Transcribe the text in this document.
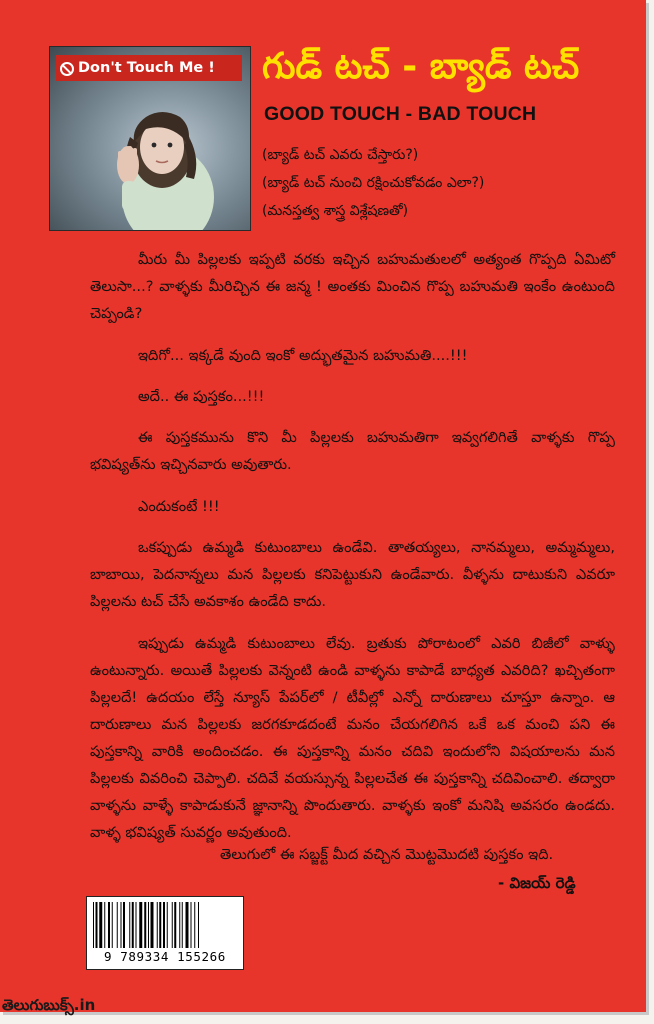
Don't Touch Me !	గుడ్ టచ్ - బ్యాడ్ టచ్
GOOD TOUCH - BAD TOUCH
(బ్యాడ్ టచ్ ఎవరు చేస్తారు?)
(బ్యాడ్ టచ్ నుంచి రక్షించుకోవడం ఎలా?)
(మనస్తత్వ శాస్త్ర విశ్లేషణతో)

మీరు మీ పిల్లలకు ఇప్పటి వరకు ఇచ్చిన బహుమతులలో అత్యంత గొప్పది ఏమిటో తెలుసా...? వాళ్ళకు మీరిచ్చిన ఈ జన్మ ! అంతకు మించిన గొప్ప బహుమతి ఇంకేం ఉంటుంది చెప్పండి?

ఇదిగో... ఇక్కడే వుంది ఇంకో అద్భుతమైన బహుమతి....!!!

అదే.. ఈ పుస్తకం...!!!

ఈ పుస్తకమును కొని మీ పిల్లలకు బహుమతిగా ఇవ్వగలిగితే వాళ్ళకు గొప్ప భవిష్యత్‌ను ఇచ్చినవారు అవుతారు.

ఎందుకంటే !!!

ఒకప్పుడు ఉమ్మడి కుటుంబాలు ఉండేవి. తాతయ్యలు, నానమ్మలు, అమ్మమ్మలు, బాబాయి, పెదనాన్నలు మన పిల్లలకు కనిపెట్టుకుని ఉండేవారు. వీళ్ళను దాటుకుని ఎవరూ పిల్లలను టచ్ చేసే అవకాశం ఉండేది కాదు.

ఇప్పుడు ఉమ్మడి కుటుంబాలు లేవు. బ్రతుకు పోరాటంలో ఎవరి బిజీలో వాళ్ళు ఉంటున్నారు. అయితే పిల్లలకు వెన్నంటి ఉండి వాళ్ళను కాపాడే బాధ్యత ఎవరిది? ఖచ్చితంగా పిల్లలదే! ఉదయం లేస్తే న్యూస్ పేపర్‌లో / టీవీల్లో ఎన్నో దారుణాలు చూస్తూ ఉన్నాం. ఆ దారుణాలు మన పిల్లలకు జరగకూడదంటే మనం చేయగలిగిన ఒకే ఒక మంచి పని ఈ పుస్తకాన్ని వారికి అందించడం. ఈ పుస్తకాన్ని మనం చదివి ఇందులోని విషయాలను మన పిల్లలకు వివరించి చెప్పాలి. చదివే వయస్సున్న పిల్లలచేత ఈ పుస్తకాన్ని చదివించాలి. తద్వారా వాళ్ళను వాళ్ళే కాపాడుకునే జ్ఞానాన్ని పొందుతారు. వాళ్ళకు ఇంకో మనిషి అవసరం ఉండదు. వాళ్ళ భవిష్యత్ సువర్ణం అవుతుంది.

తెలుగులో ఈ సబ్జక్ట్ మీద వచ్చిన మొట్టమొదటి పుస్తకం ఇది.
- విజయ్ రెడ్డి
9 789334 155266
తెలుగుబుక్స్.in
